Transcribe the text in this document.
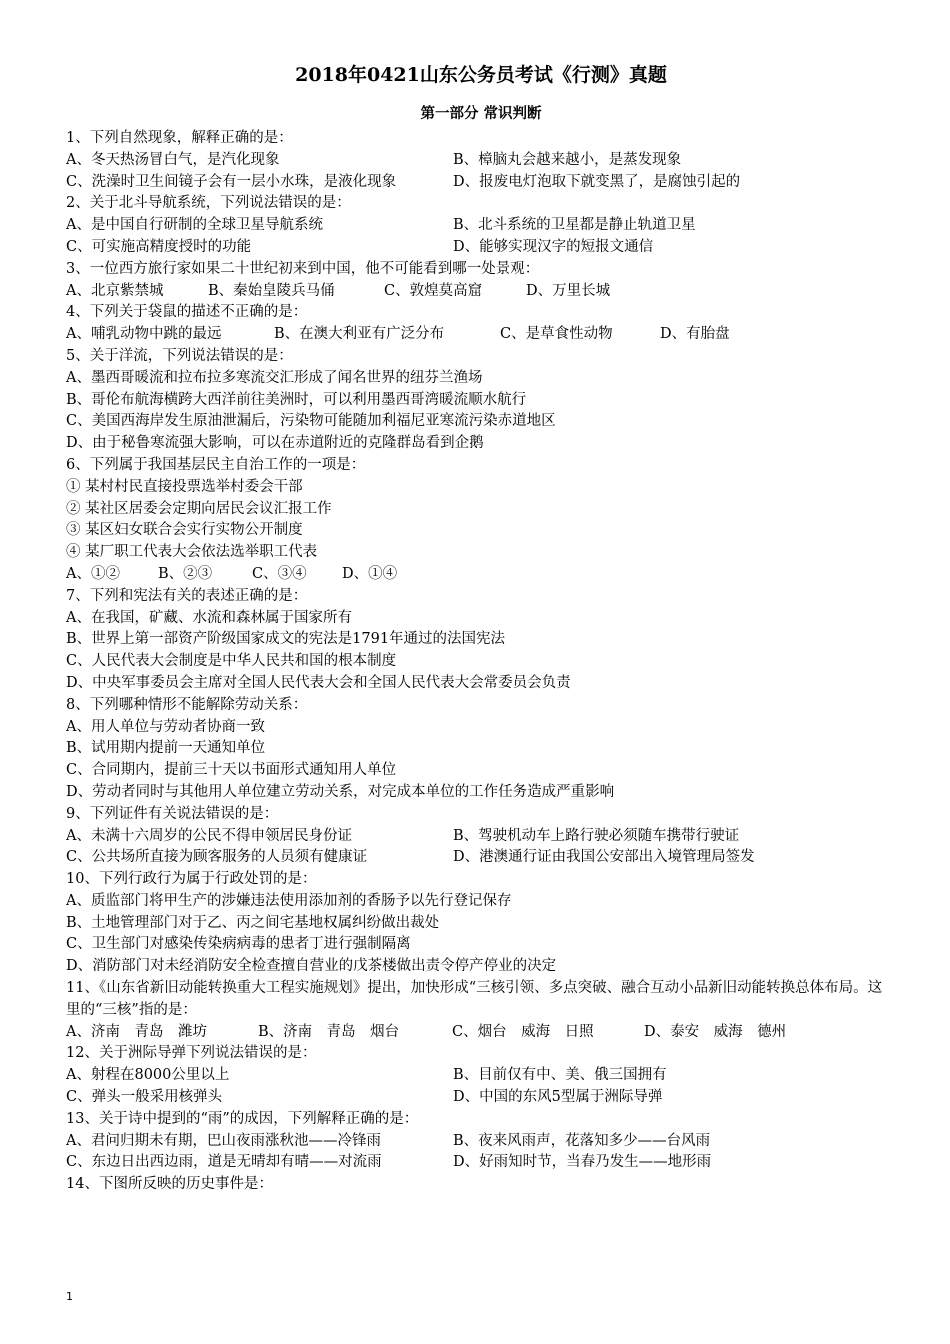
2018年0421山东公务员考试《行测》真题
第一部分 常识判断
1、下列自然现象，解释正确的是：
A、冬天热汤冒白气，是汽化现象	B、樟脑丸会越来越小，是蒸发现象
C、洗澡时卫生间镜子会有一层小水珠，是液化现象	D、报废电灯泡取下就变黑了，是腐蚀引起的
2、关于北斗导航系统，下列说法错误的是：
A、是中国自行研制的全球卫星导航系统	B、北斗系统的卫星都是静止轨道卫星
C、可实施高精度授时的功能	D、能够实现汉字的短报文通信
3、一位西方旅行家如果二十世纪初来到中国，他不可能看到哪一处景观：
A、北京紫禁城	B、秦始皇陵兵马俑	C、敦煌莫高窟	D、万里长城
4、下列关于袋鼠的描述不正确的是：
A、哺乳动物中跳的最远	B、在澳大利亚有广泛分布	C、是草食性动物	D、有胎盘
5、关于洋流，下列说法错误的是：
A、墨西哥暖流和拉布拉多寒流交汇形成了闻名世界的纽芬兰渔场
B、哥伦布航海横跨大西洋前往美洲时，可以利用墨西哥湾暖流顺水航行
C、美国西海岸发生原油泄漏后，污染物可能随加利福尼亚寒流污染赤道地区
D、由于秘鲁寒流强大影响，可以在赤道附近的克隆群岛看到企鹅
6、下列属于我国基层民主自治工作的一项是：
① 某村村民直接投票选举村委会干部
② 某社区居委会定期向居民会议汇报工作
③ 某区妇女联合会实行实物公开制度
④ 某厂职工代表大会依法选举职工代表
A、①②	B、②③	C、③④	D、①④
7、下列和宪法有关的表述正确的是：
A、在我国，矿藏、水流和森林属于国家所有
B、世界上第一部资产阶级国家成文的宪法是1791年通过的法国宪法
C、人民代表大会制度是中华人民共和国的根本制度
D、中央军事委员会主席对全国人民代表大会和全国人民代表大会常委员会负责
8、下列哪种情形不能解除劳动关系：
A、用人单位与劳动者协商一致
B、试用期内提前一天通知单位
C、合同期内，提前三十天以书面形式通知用人单位
D、劳动者同时与其他用人单位建立劳动关系，对完成本单位的工作任务造成严重影响
9、下列证件有关说法错误的是：
A、未满十六周岁的公民不得申领居民身份证	B、驾驶机动车上路行驶必须随车携带行驶证
C、公共场所直接为顾客服务的人员须有健康证	D、港澳通行证由我国公安部出入境管理局签发
10、下列行政行为属于行政处罚的是：
A、质监部门将甲生产的涉嫌违法使用添加剂的香肠予以先行登记保存
B、土地管理部门对于乙、丙之间宅基地权属纠纷做出裁处
C、卫生部门对感染传染病病毒的患者丁进行强制隔离
D、消防部门对未经消防安全检查擅自营业的戊茶楼做出责令停产停业的决定
11、《山东省新旧动能转换重大工程实施规划》提出，加快形成“三核引领、多点突破、融合互动小品新旧动能转换总体布局。这里的“三核”指的是：
A、济南　青岛　潍坊	B、济南　青岛　烟台	C、烟台　威海　日照	D、泰安　威海　德州
12、关于洲际导弹下列说法错误的是：
A、射程在8000公里以上	B、目前仅有中、美、俄三国拥有
C、弹头一般采用核弹头	D、中国的东风5型属于洲际导弹
13、关于诗中提到的“雨”的成因，下列解释正确的是：
A、君问归期未有期，巴山夜雨涨秋池——冷锋雨	B、夜来风雨声，花落知多少——台风雨
C、东边日出西边雨，道是无晴却有晴——对流雨	D、好雨知时节，当春乃发生——地形雨
14、下图所反映的历史事件是：
1
